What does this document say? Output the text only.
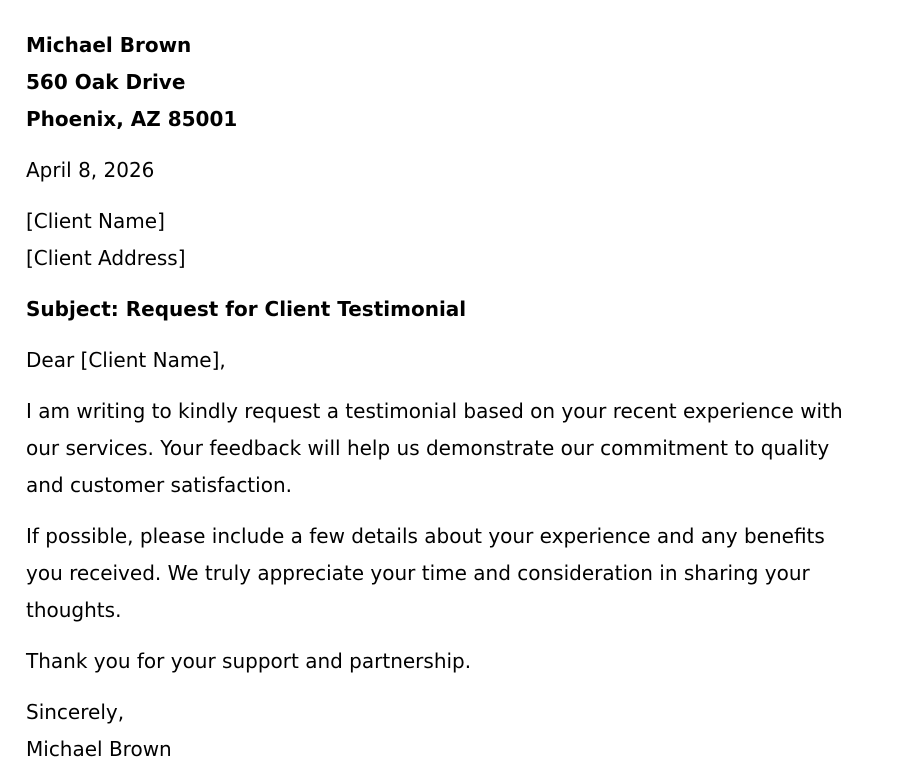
Michael Brown

560 Oak Drive

Phoenix, AZ 85001

April 8, 2026

[Client Name]

[Client Address]

Subject: Request for Client Testimonial

Dear [Client Name],

I am writing to kindly request a testimonial based on your recent experience with our services. Your feedback will help us demonstrate our commitment to quality and customer satisfaction.

If possible, please include a few details about your experience and any benefits you received. We truly appreciate your time and consideration in sharing your thoughts.

Thank you for your support and partnership.

Sincerely,

Michael Brown
